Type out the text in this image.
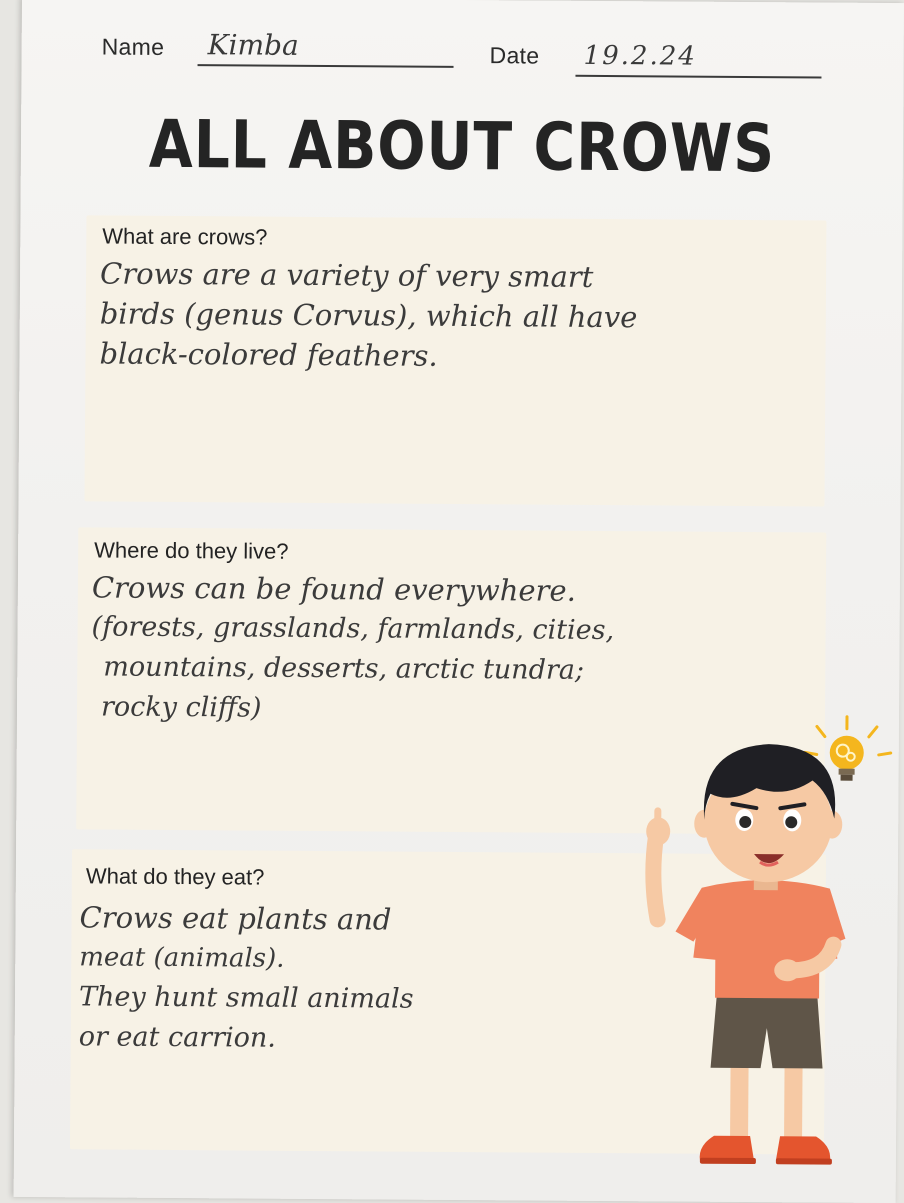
Name Kimba	Date 19.2.24
ALL ABOUT CROWS
What are crows?
Crows are a variety of very smart
birds (genus Corvus), which all have
black-colored feathers.
Where do they live?
Crows can be found everywhere.
(forests, grasslands, farmlands, cities,
mountains, desserts, arctic tundra;
rocky cliffs)
What do they eat?
Crows eat plants and
meat (animals).
They hunt small animals
or eat carrion.
